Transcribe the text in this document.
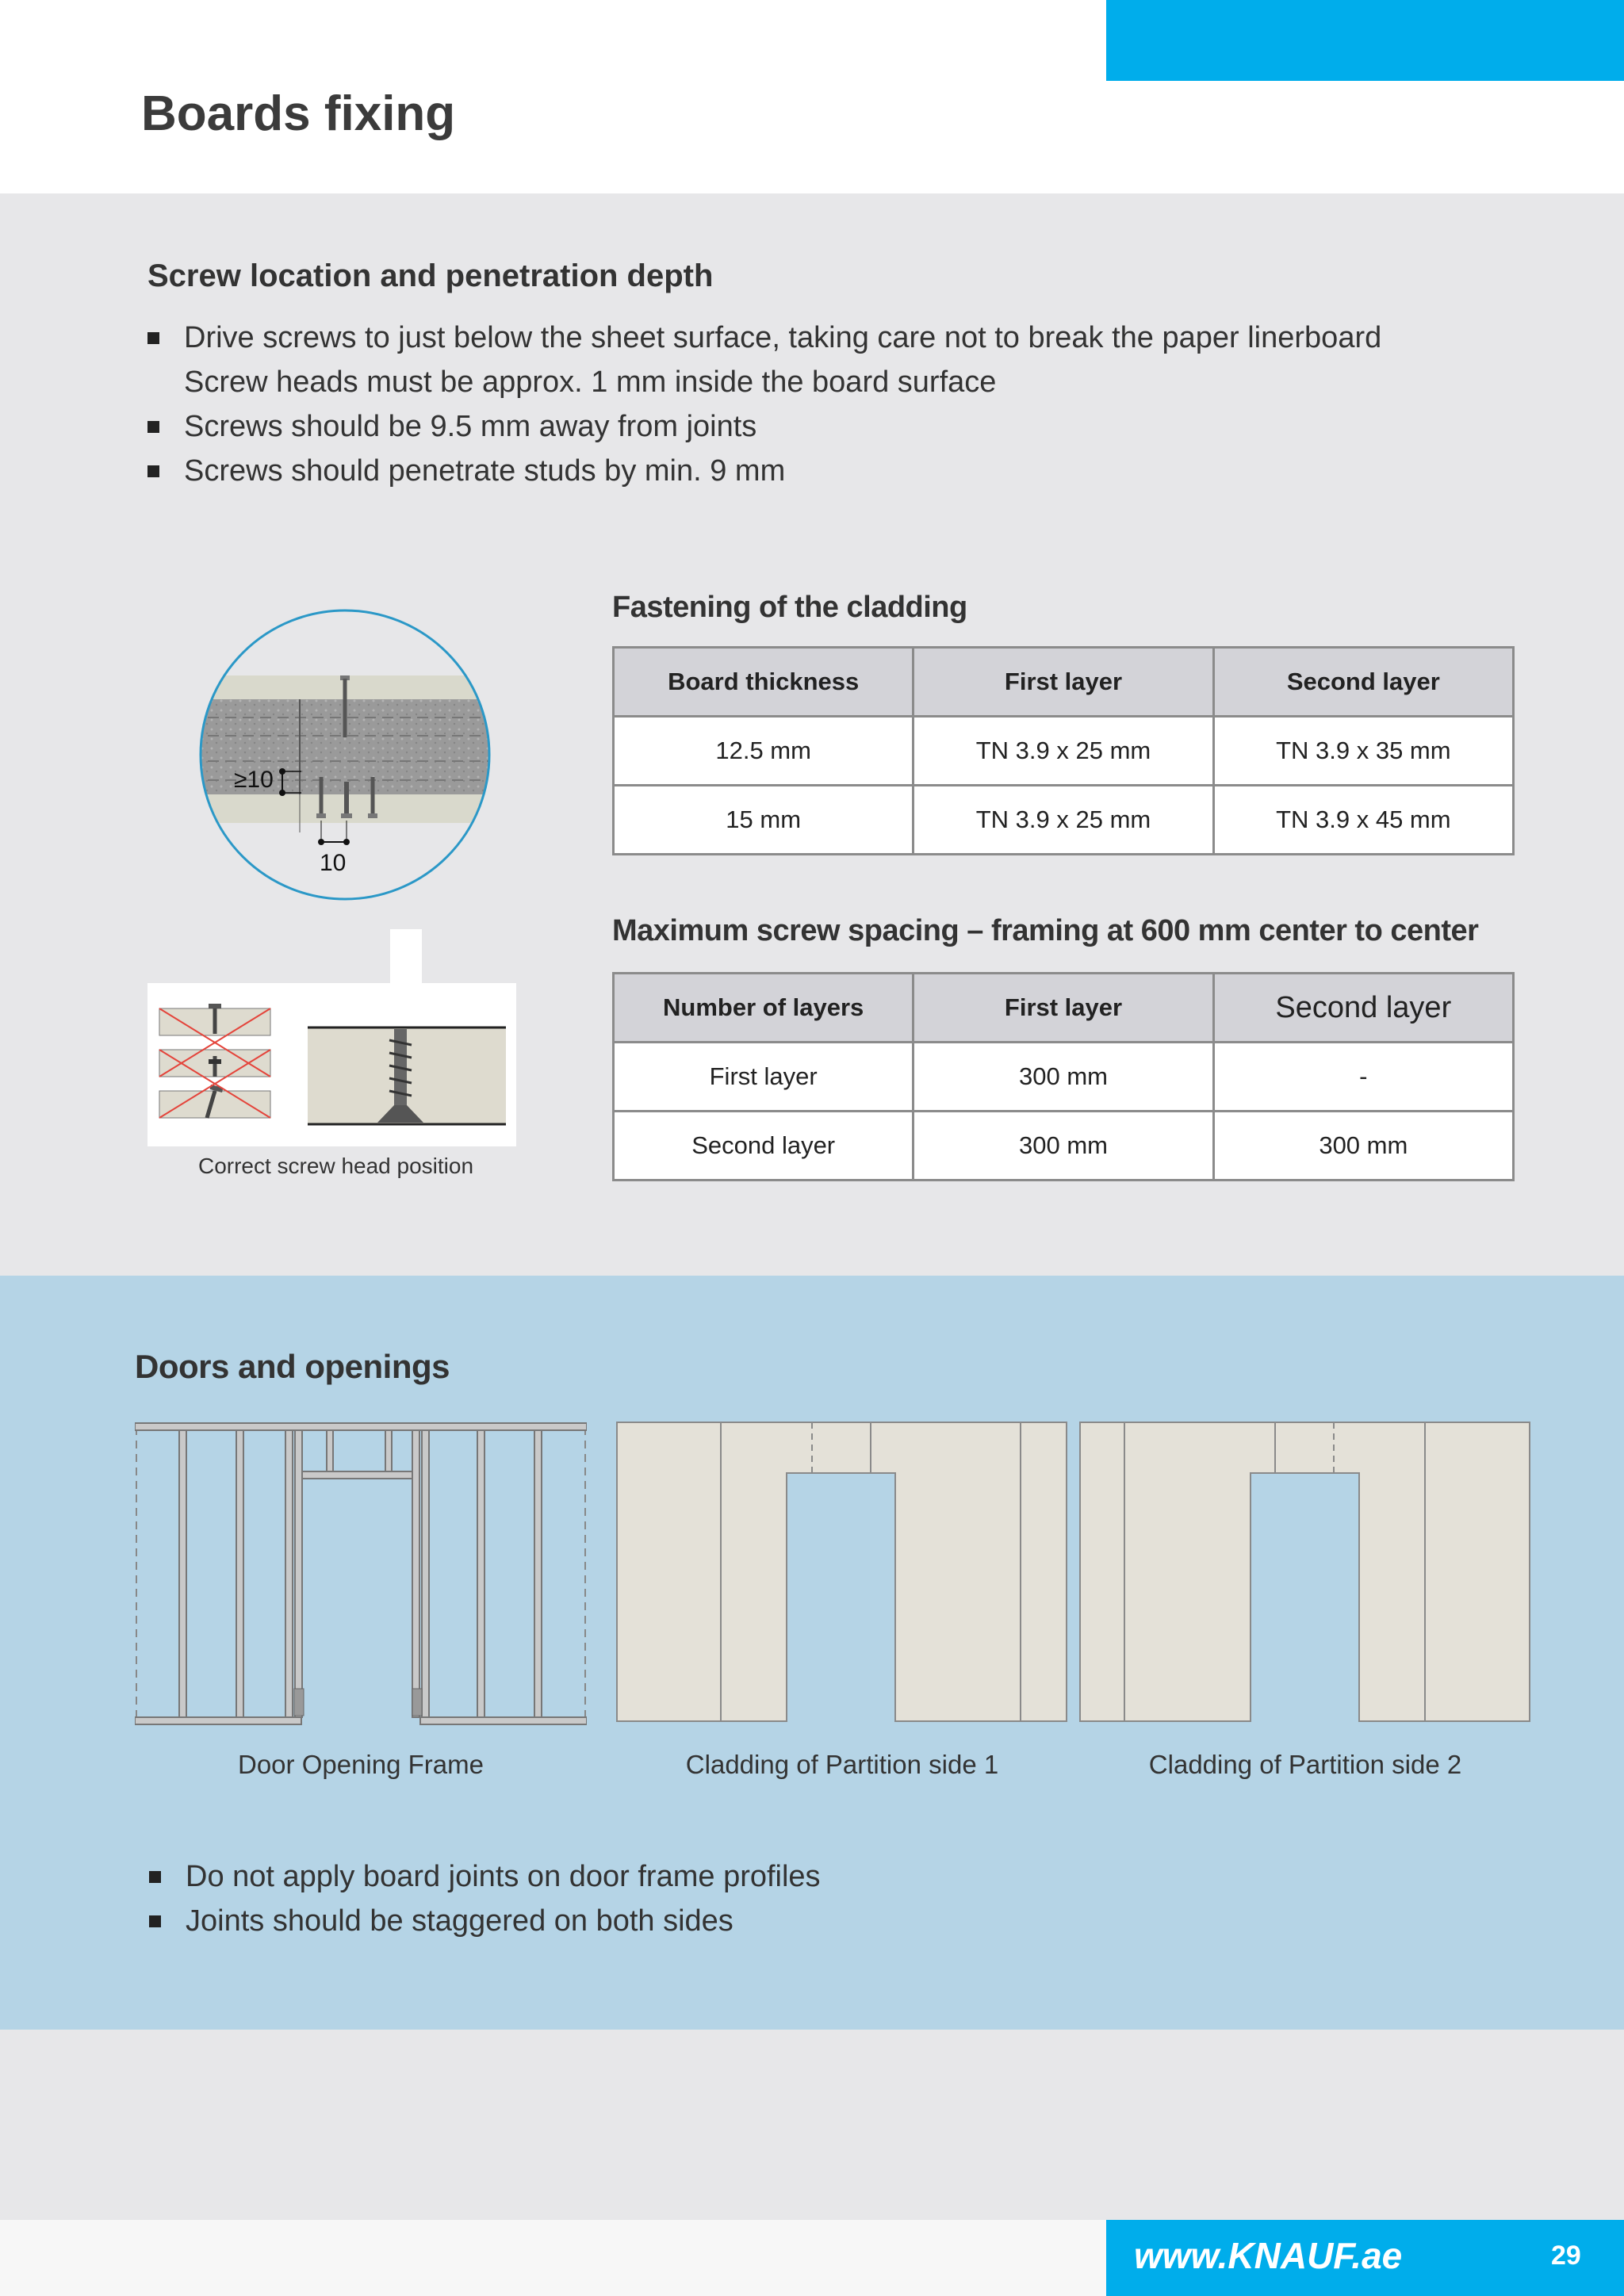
Boards fixing
Screw location and penetration depth
Drive screws to just below the sheet surface, taking care not to break the paper linerboard
Screw heads must be approx. 1 mm inside the board surface
Screws should be 9.5 mm away from joints
Screws should penetrate studs by min. 9 mm
≥10
10
Correct screw head position
Fastening of the cladding
Board thickness	First layer	Second layer
12.5 mm	TN 3.9 x 25 mm	TN 3.9 x 35 mm
15 mm	TN 3.9 x 25 mm	TN 3.9 x 45 mm
Maximum screw spacing – framing at 600 mm center to center
Number of layers	First layer	Second layer
First layer	300 mm	-
Second layer	300 mm	300 mm
Doors and openings
Door Opening Frame	Cladding of Partition side 1	Cladding of Partition side 2
Do not apply board joints on door frame profiles
Joints should be staggered on both sides
www.KNAUF.ae	29
